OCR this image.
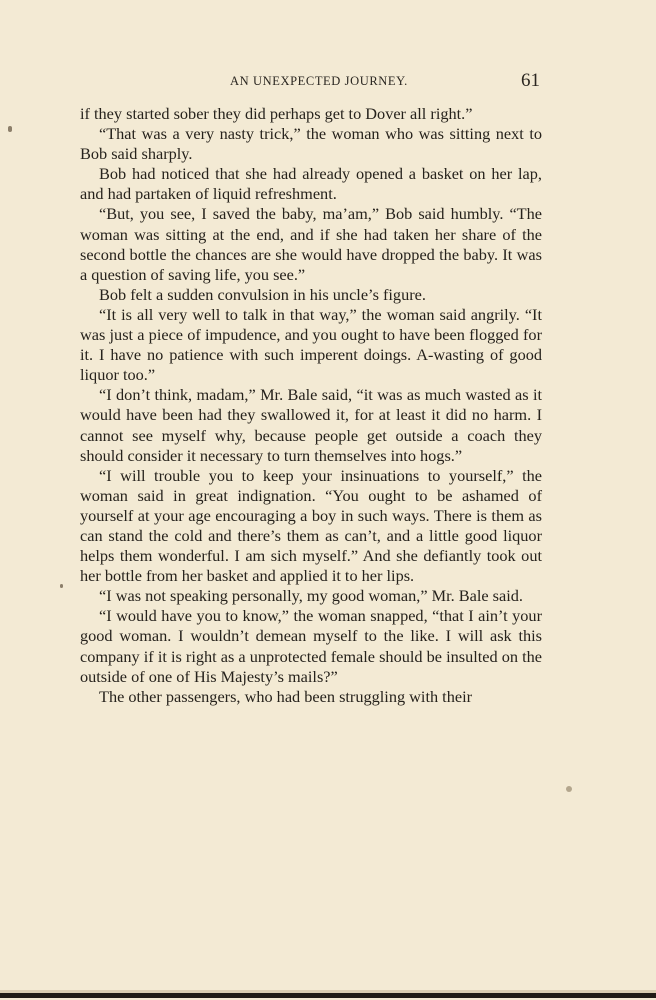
AN UNEXPECTED JOURNEY.	61

if they started sober they did perhaps get to Dover all right.”

“That was a very nasty trick,” the woman who was sitting next to Bob said sharply.

Bob had noticed that she had already opened a basket on her lap, and had partaken of liquid refreshment.

“But, you see, I saved the baby, ma’am,” Bob said humbly. “The woman was sitting at the end, and if she had taken her share of the second bottle the chances are she would have dropped the baby. It was a question of saving life, you see.”

Bob felt a sudden convulsion in his uncle’s figure.

“It is all very well to talk in that way,” the woman said angrily. “It was just a piece of impudence, and you ought to have been flogged for it. I have no patience with such imperent doings. A-wasting of good liquor too.”

“I don’t think, madam,” Mr. Bale said, “it was as much wasted as it would have been had they swallowed it, for at least it did no harm. I cannot see myself why, because people get outside a coach they should consider it necessary to turn themselves into hogs.”

“I will trouble you to keep your insinuations to yourself,” the woman said in great indignation. “You ought to be ashamed of yourself at your age encouraging a boy in such ways. There is them as can stand the cold and there’s them as can’t, and a little good liquor helps them wonderful. I am sich myself.” And she defiantly took out her bottle from her basket and applied it to her lips.

“I was not speaking personally, my good woman,” Mr. Bale said.

“I would have you to know,” the woman snapped, “that I ain’t your good woman. I wouldn’t demean myself to the like. I will ask this company if it is right as a unprotected female should be insulted on the outside of one of His Majesty’s mails?”

The other passengers, who had been struggling with their
